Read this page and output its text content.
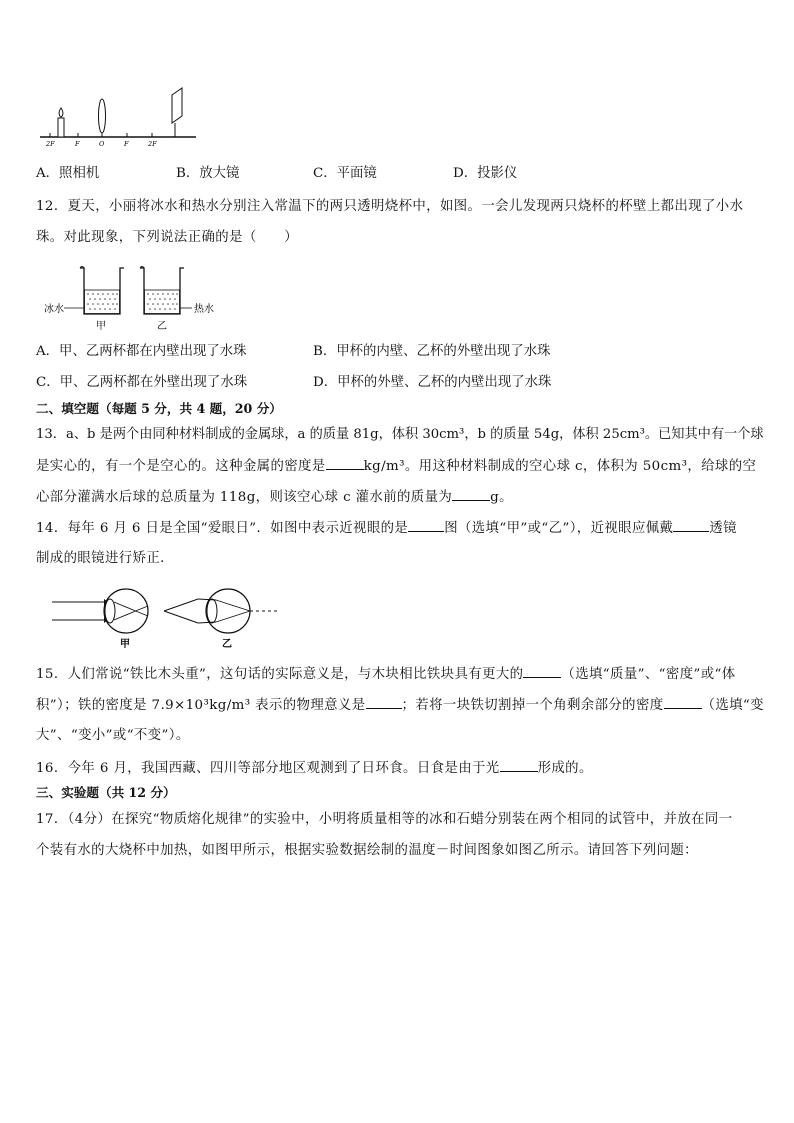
2F	F	O	F	2F
A．照相机	B．放大镜	C．平面镜	D．投影仪
12．夏天，小丽将冰水和热水分别注入常温下的两只透明烧杯中，如图。一会儿发现两只烧杯的杯壁上都出现了小水
珠。对此现象，下列说法正确的是（　　）
冰水	热水
甲	乙
A．甲、乙两杯都在内壁出现了水珠	B．甲杯的内壁、乙杯的外壁出现了水珠
C．甲、乙两杯都在外壁出现了水珠	D．甲杯的外壁、乙杯的内壁出现了水珠
二、填空题（每题 5 分，共 4 题，20 分）
13．a、b 是两个由同种材料制成的金属球，a 的质量 81g，体积 30cm³，b 的质量 54g，体积 25cm³。已知其中有一个球
是实心的，有一个是空心的。这种金属的密度是	kg/m³。用这种材料制成的空心球 c，体积为 50cm³，给球的空
心部分灌满水后球的总质量为 118g，则该空心球 c 灌水前的质量为	g。
14．每年 6 月 6 日是全国“爱眼日”．如图中表示近视眼的是	图（选填“甲”或“乙”），近视眼应佩戴	透镜
制成的眼镜进行矫正．
甲	乙
15．人们常说“铁比木头重”，这句话的实际意义是，与木块相比铁块具有更大的	（选填“质量”、“密度”或“体
积”）；铁的密度是 7.9×10³kg/m³ 表示的物理意义是	；若将一块铁切割掉一个角剩余部分的密度	（选填“变
大”、“变小”或“不变”）。
16．今年 6 月，我国西藏、四川等部分地区观测到了日环食。日食是由于光	形成的。
三、实验题（共 12 分）
17．（4分）在探究“物质熔化规律”的实验中，小明将质量相等的冰和石蜡分别装在两个相同的试管中，并放在同一
个装有水的大烧杯中加热，如图甲所示，根据实验数据绘制的温度－时间图象如图乙所示。请回答下列问题：
